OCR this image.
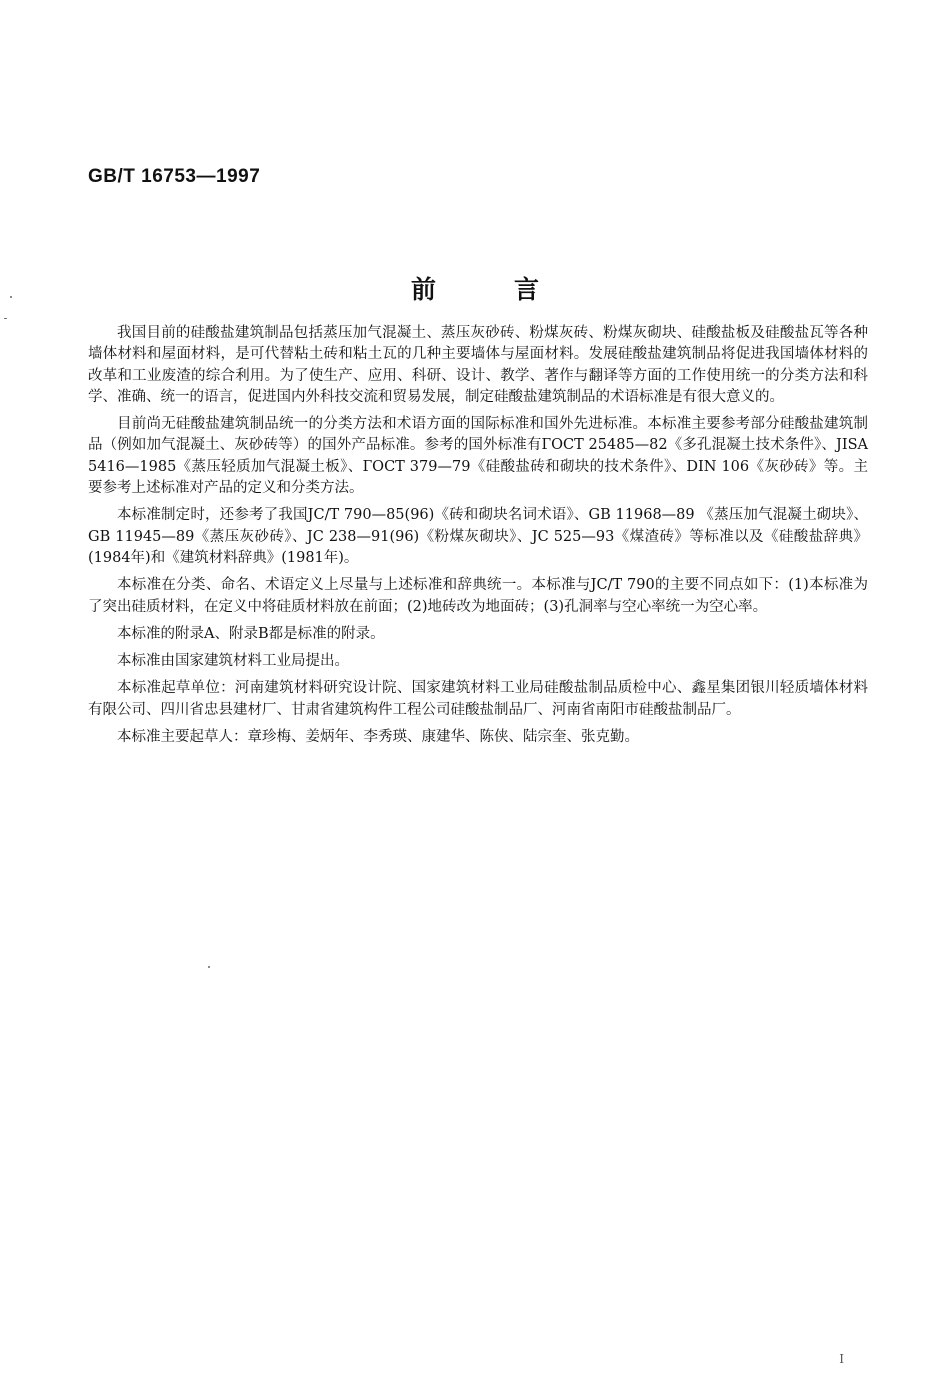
GB/T 16753—1997
前言

我国目前的硅酸盐建筑制品包括蒸压加气混凝土、蒸压灰砂砖、粉煤灰砖、粉煤灰砌块、硅酸盐板及硅酸盐瓦等各种墙体材料和屋面材料，是可代替粘土砖和粘土瓦的几种主要墙体与屋面材料。发展硅酸盐建筑制品将促进我国墙体材料的改革和工业废渣的综合利用。为了使生产、应用、科研、设计、教学、著作与翻译等方面的工作使用统一的分类方法和科学、准确、统一的语言，促进国内外科技交流和贸易发展，制定硅酸盐建筑制品的术语标准是有很大意义的。

目前尚无硅酸盐建筑制品统一的分类方法和术语方面的国际标准和国外先进标准。本标准主要参考部分硅酸盐建筑制品（例如加气混凝土、灰砂砖等）的国外产品标准。参考的国外标准有ГОСТ 25485—82《多孔混凝土技术条件》、JISA 5416—1985《蒸压轻质加气混凝土板》、ГОСТ 379—79《硅酸盐砖和砌块的技术条件》、DIN 106《灰砂砖》等。主要参考上述标准对产品的定义和分类方法。

本标准制定时，还参考了我国JC/T 790—85(96)《砖和砌块名词术语》、GB 11968—89 《蒸压加气混凝土砌块》、GB 11945—89《蒸压灰砂砖》、JC 238—91(96)《粉煤灰砌块》、JC 525—93《煤渣砖》等标准以及《硅酸盐辞典》(1984年)和《建筑材料辞典》(1981年)。

本标准在分类、命名、术语定义上尽量与上述标准和辞典统一。本标准与JC/T 790的主要不同点如下：(1)本标准为了突出硅质材料，在定义中将硅质材料放在前面；(2)地砖改为地面砖；(3)孔洞率与空心率统一为空心率。

本标准的附录A、附录B都是标准的附录。

本标准由国家建筑材料工业局提出。

本标准起草单位：河南建筑材料研究设计院、国家建筑材料工业局硅酸盐制品质检中心、鑫星集团银川轻质墙体材料有限公司、四川省忠县建材厂、甘肃省建筑构件工程公司硅酸盐制品厂、河南省南阳市硅酸盐制品厂。

本标准主要起草人：章珍梅、姜炳年、李秀瑛、康建华、陈侠、陆宗奎、张克勤。

I
